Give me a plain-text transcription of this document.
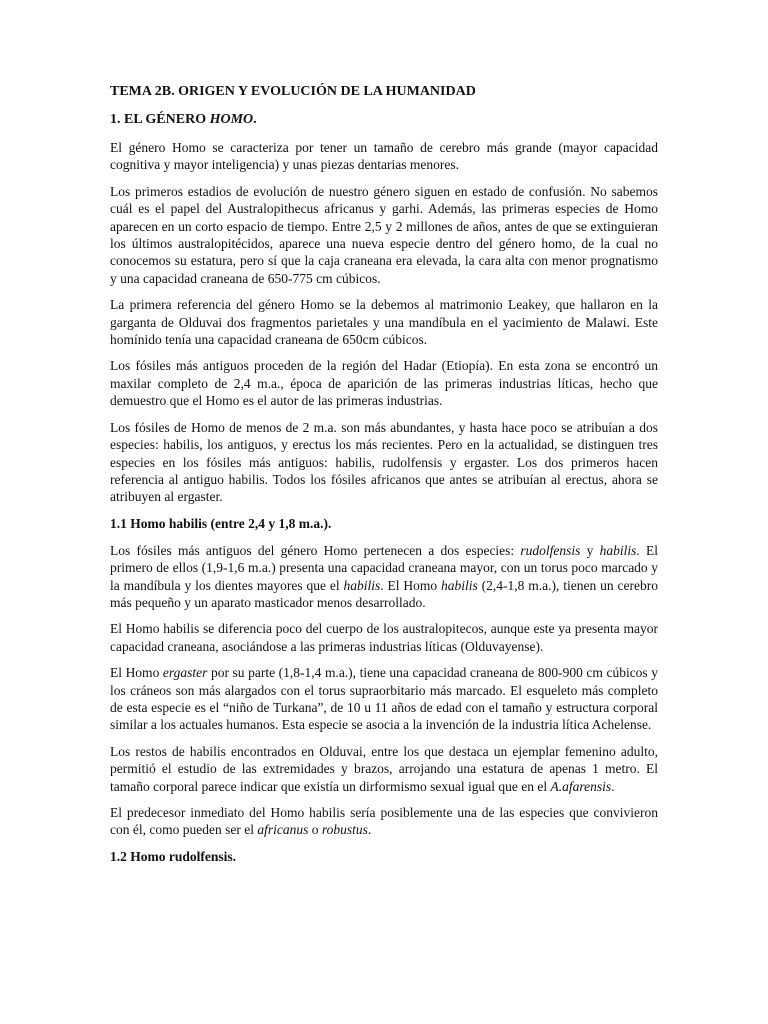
TEMA 2B. ORIGEN Y EVOLUCIÓN DE LA HUMANIDAD
1. EL GÉNERO HOMO.

El género Homo se caracteriza por tener un tamaño de cerebro más grande (mayor capacidad cognitiva y mayor inteligencia) y unas piezas dentarias menores.

Los primeros estadios de evolución de nuestro género siguen en estado de confusión. No sabemos cuál es el papel del Australopithecus africanus y garhi. Además, las primeras especies de Homo aparecen en un corto espacio de tiempo. Entre 2,5 y 2 millones de años, antes de que se extinguieran los últimos australopitécidos, aparece una nueva especie dentro del género homo, de la cual no conocemos su estatura, pero sí que la caja craneana era elevada, la cara alta con menor prognatismo y una capacidad craneana de 650-775 cm cúbicos.

La primera referencia del género Homo se la debemos al matrimonio Leakey, que hallaron en la garganta de Olduvai dos fragmentos parietales y una mandíbula en el yacimiento de Malawi. Este homínido tenía una capacidad craneana de 650cm cúbicos.

Los fósiles más antiguos proceden de la región del Hadar (Etiopía). En esta zona se encontró un maxilar completo de 2,4 m.a., época de aparición de las primeras industrias líticas, hecho que demuestro que el Homo es el autor de las primeras industrias.

Los fósiles de Homo de menos de 2 m.a. son más abundantes, y hasta hace poco se atribuían a dos especies: habilis, los antiguos, y erectus los más recientes. Pero en la actualidad, se distinguen tres especies en los fósiles más antiguos: habilis, rudolfensis y ergaster. Los dos primeros hacen referencia al antiguo habilis. Todos los fósiles africanos que antes se atribuían al erectus, ahora se atribuyen al ergaster.

1.1 Homo habilis (entre 2,4 y 1,8 m.a.).

Los fósiles más antiguos del género Homo pertenecen a dos especies: rudolfensis y habilis. El primero de ellos (1,9-1,6 m.a.) presenta una capacidad craneana mayor, con un torus poco marcado y la mandíbula y los dientes mayores que el habilis. El Homo habilis (2,4-1,8 m.a.), tienen un cerebro más pequeño y un aparato masticador menos desarrollado.

El Homo habilis se diferencia poco del cuerpo de los australopitecos, aunque este ya presenta mayor capacidad craneana, asociándose a las primeras industrias líticas (Olduvayense).

El Homo ergaster por su parte (1,8-1,4 m.a.), tiene una capacidad craneana de 800-900 cm cúbicos y los cráneos son más alargados con el torus supraorbitario más marcado. El esqueleto más completo de esta especie es el “niño de Turkana”, de 10 u 11 años de edad con el tamaño y estructura corporal similar a los actuales humanos. Esta especie se asocia a la invención de la industria lítica Achelense.

Los restos de habilis encontrados en Olduvai, entre los que destaca un ejemplar femenino adulto, permitió el estudio de las extremidades y brazos, arrojando una estatura de apenas 1 metro. El tamaño corporal parece indicar que existía un dirformismo sexual igual que en el A.afarensis.

El predecesor inmediato del Homo habilis sería posiblemente una de las especies que convivieron con él, como pueden ser el africanus o robustus.

1.2 Homo rudolfensis.
